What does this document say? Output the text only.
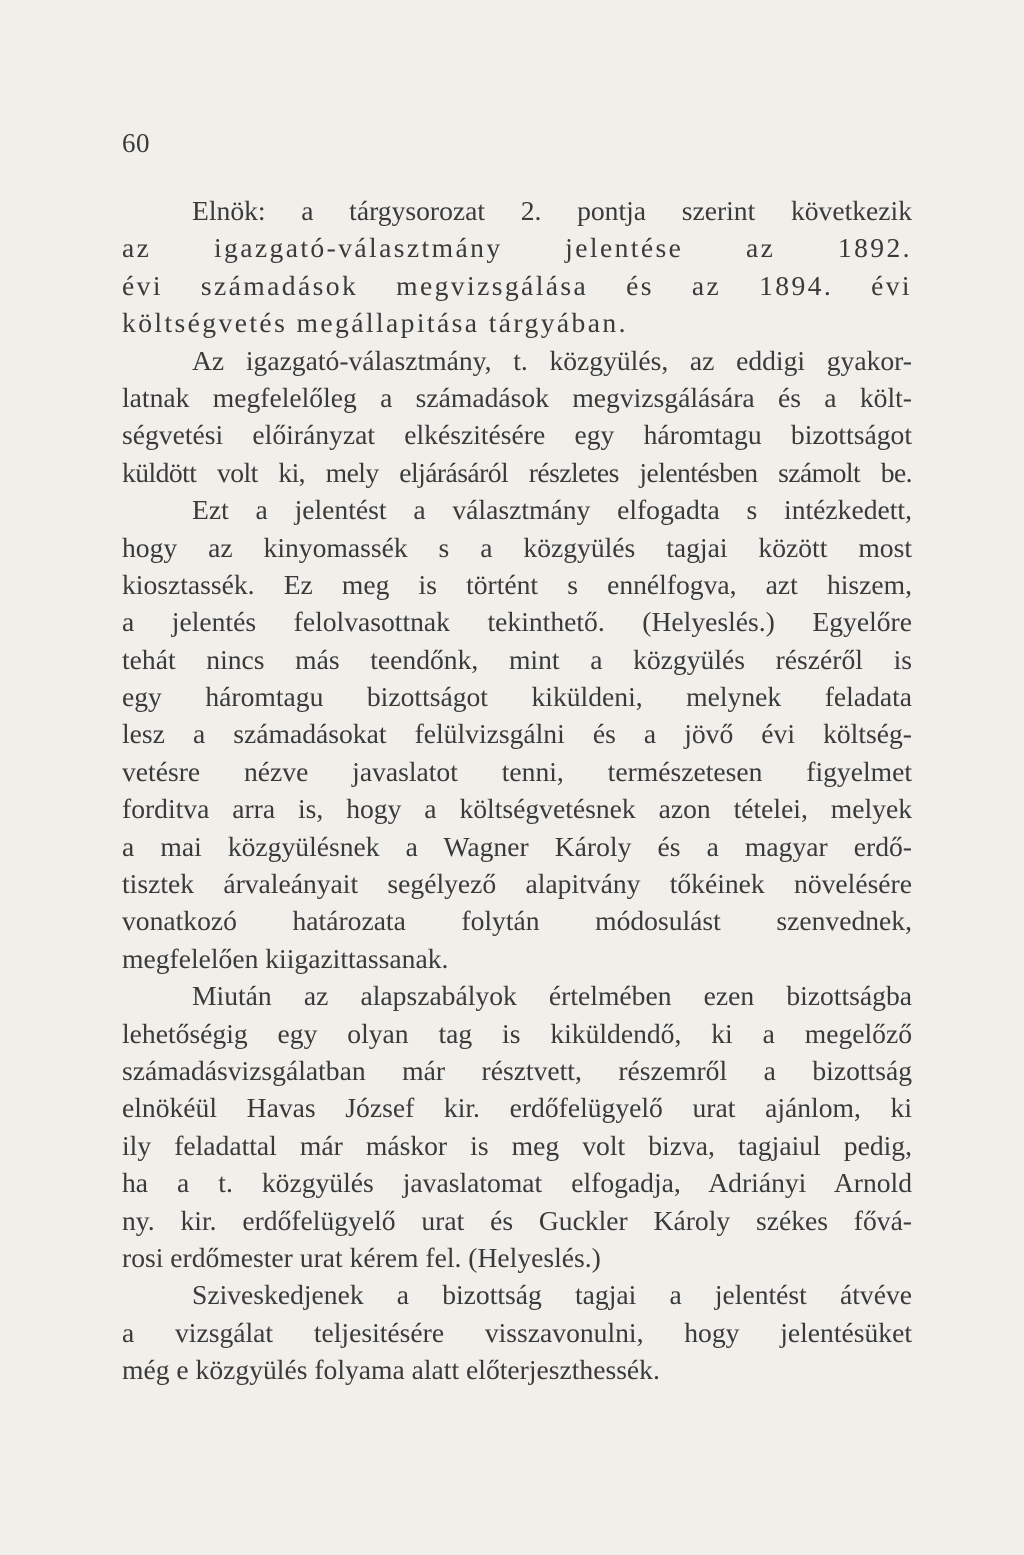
60
Elnök: a tárgysorozat 2. pontja szerint következik
az igazgató-választmány jelentése az 1892.
évi számadások megvizsgálása és az 1894. évi
költségvetés megállapitása tárgyában.
Az igazgató-választmány, t. közgyülés, az eddigi gyakor-
latnak megfelelőleg a számadások megvizsgálására és a költ-
ségvetési előirányzat elkészitésére egy háromtagu bizottságot
küldött volt ki, mely eljárásáról részletes jelentésben számolt be.
Ezt a jelentést a választmány elfogadta s intézkedett,
hogy az kinyomassék s a közgyülés tagjai között most
kiosztassék. Ez meg is történt s ennélfogva, azt hiszem,
a jelentés felolvasottnak tekinthető. (Helyeslés.) Egyelőre
tehát nincs más teendőnk, mint a közgyülés részéről is
egy háromtagu bizottságot kiküldeni, melynek feladata
lesz a számadásokat felülvizsgálni és a jövő évi költség-
vetésre nézve javaslatot tenni, természetesen figyelmet
forditva arra is, hogy a költségvetésnek azon tételei, melyek
a mai közgyülésnek a Wagner Károly és a magyar erdő-
tisztek árvaleányait segélyező alapitvány tőkéinek növelésére
vonatkozó határozata folytán módosulást szenvednek,
megfelelően kiigazittassanak.
Miután az alapszabályok értelmében ezen bizottságba
lehetőségig egy olyan tag is kiküldendő, ki a megelőző
számadásvizsgálatban már résztvett, részemről a bizottság
elnökéül Havas József kir. erdőfelügyelő urat ajánlom, ki
ily feladattal már máskor is meg volt bizva, tagjaiul pedig,
ha a t. közgyülés javaslatomat elfogadja, Adriányi Arnold
ny. kir. erdőfelügyelő urat és Guckler Károly székes fővá-
rosi erdőmester urat kérem fel. (Helyeslés.)
Sziveskedjenek a bizottság tagjai a jelentést átvéve
a vizsgálat teljesitésére visszavonulni, hogy jelentésüket
még e közgyülés folyama alatt előterjeszthessék.
